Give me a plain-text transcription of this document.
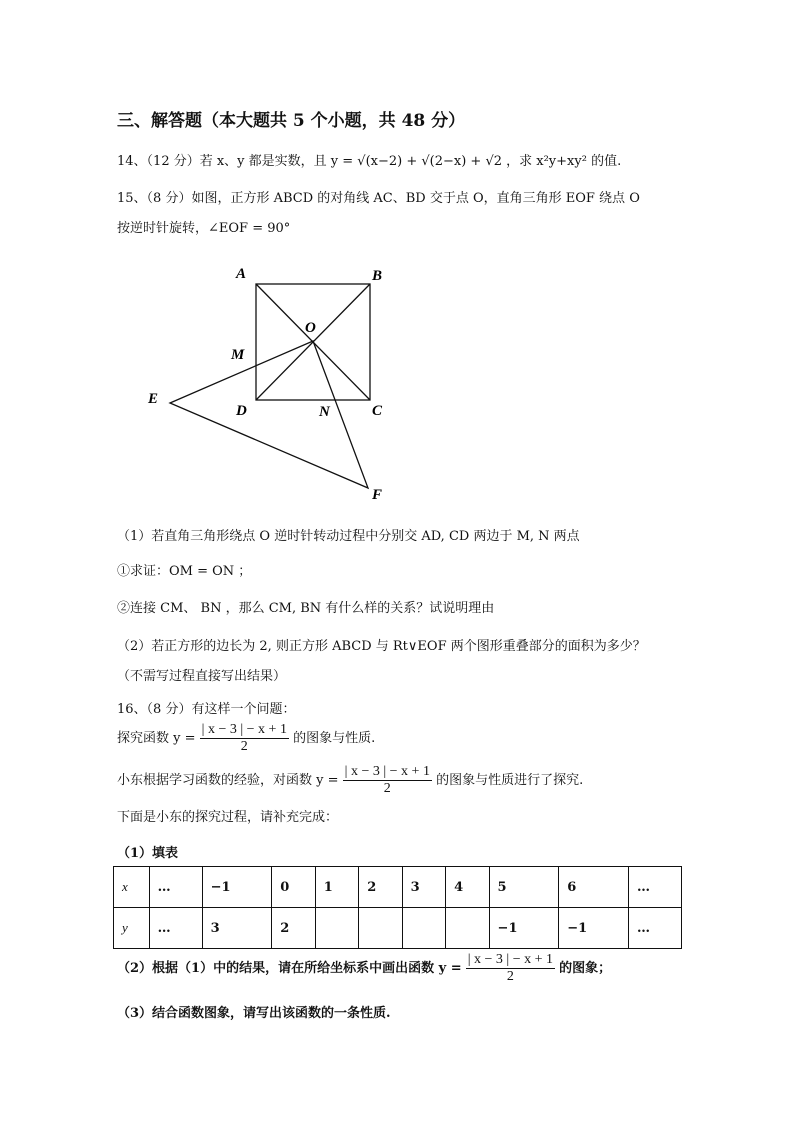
三、解答题（本大题共 5 个小题，共 48 分）
14、（12 分）若 x、y 都是实数，且 y = √(x−2) + √(2−x) + √2 ，求 x²y+xy² 的值.
15、（8 分）如图，正方形 ABCD 的对角线 AC、BD 交于点 O，直角三角形 EOF 绕点 O
按逆时针旋转，∠EOF = 90°
A	B
O
M
E
D	N	C
F
（1）若直角三角形绕点 O 逆时针转动过程中分别交 AD, CD 两边于 M, N 两点
①求证：OM = ON ；
②连接 CM、 BN ，那么 CM, BN 有什么样的关系？试说明理由
（2）若正方形的边长为 2, 则正方形 ABCD 与 Rt∨EOF 两个图形重叠部分的面积为多少？
（不需写过程直接写出结果）
16、（8 分）有这样一个问题：
探究函数 $y = \frac{| x - 3 | - x + 1}{2}$ 的图象与性质.
小东根据学习函数的经验，对函数 $y = \frac{| x - 3 | - x + 1}{2}$ 的图象与性质进行了探究.
下面是小东的探究过程，请补充完成：
（1）填表
x	…	−1	0	1	2	3	4	5	6	…
y	…	3	2					−1	−1	…
（2）根据（1）中的结果，请在所给坐标系中画出函数 $y = \frac{| x - 3 | - x + 1}{2}$ 的图象；
（3）结合函数图象，请写出该函数的一条性质.
